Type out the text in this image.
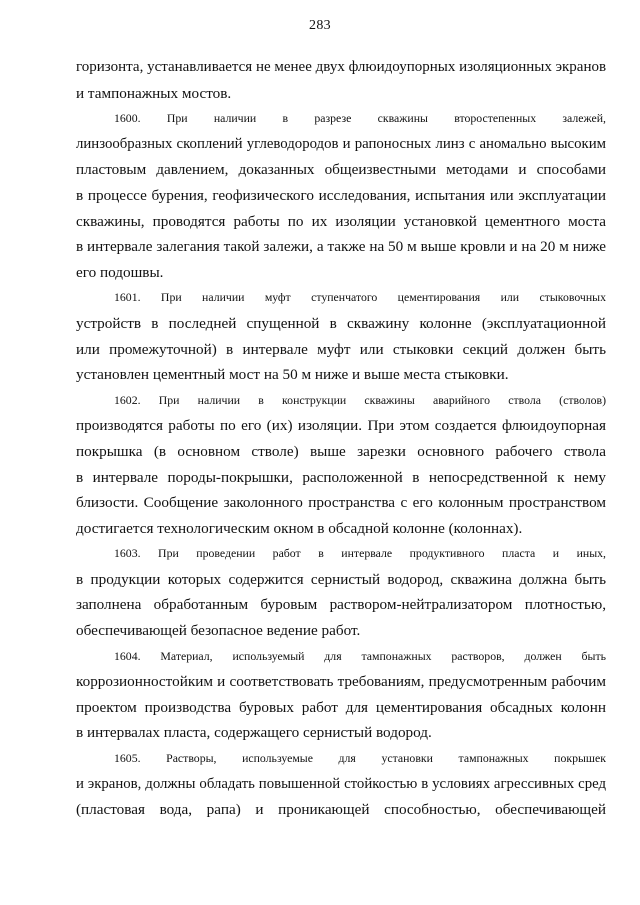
283

горизонта, устанавливается не менее двух флюидоупорных изоляционных экранов
и тампонажных мостов.

1600. При наличии в разрезе скважины второстепенных залежей,
линзообразных скоплений углеводородов и рапоносных линз с аномально высоким
пластовым давлением, доказанных общеизвестными методами и способами
в процессе бурения, геофизического исследования, испытания или эксплуатации
скважины, проводятся работы по их изоляции установкой цементного моста
в интервале залегания такой залежи, а также на 50 м выше кровли и на 20 м ниже
его подошвы.

1601. При наличии муфт ступенчатого цементирования или стыковочных
устройств в последней спущенной в скважину колонне (эксплуатационной
или промежуточной) в интервале муфт или стыковки секций должен быть
установлен цементный мост на 50 м ниже и выше места стыковки.

1602. При наличии в конструкции скважины аварийного ствола (стволов)
производятся работы по его (их) изоляции. При этом создается флюидоупорная
покрышка (в основном стволе) выше зарезки основного рабочего ствола
в интервале породы-покрышки, расположенной в непосредственной к нему
близости. Сообщение заколонного пространства с его колонным пространством
достигается технологическим окном в обсадной колонне (колоннах).

1603. При проведении работ в интервале продуктивного пласта и иных,
в продукции которых содержится сернистый водород, скважина должна быть
заполнена обработанным буровым раствором-нейтрализатором плотностью,
обеспечивающей безопасное ведение работ.

1604. Материал, используемый для тампонажных растворов, должен быть
коррозионностойким и соответствовать требованиям, предусмотренным рабочим
проектом производства буровых работ для цементирования обсадных колонн
в интервалах пласта, содержащего сернистый водород.

1605. Растворы, используемые для установки тампонажных покрышек
и экранов, должны обладать повышенной стойкостью в условиях агрессивных сред
(пластовая вода, рапа) и проникающей способностью, обеспечивающей
